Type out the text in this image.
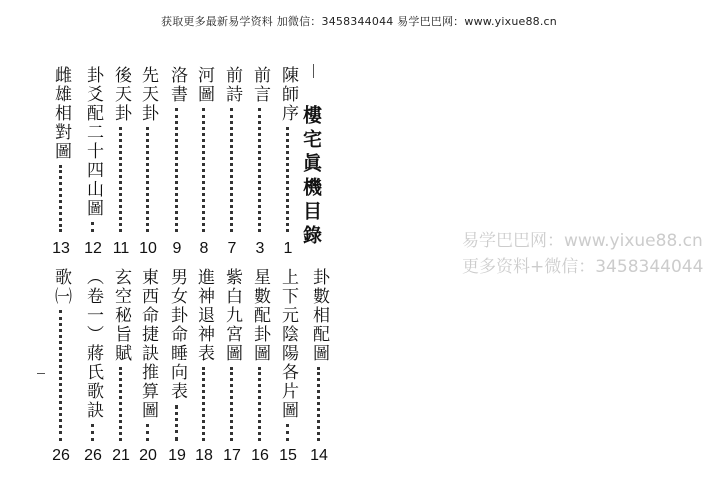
获取更多最新易学资料 加微信：3458344044 易学巴巴网：www.yixue88.cn
陳師序
1
前言
3
前詩
7
河圖
8
洛書
9
先天卦
10
後天卦
11
卦爻配二十四山圖
12
雌雄相對圖
13
卦數相配圖
14
上下元陰陽各片圖
15
星數配卦圖
16
紫白九宮圖
17
進神退神表
18
男女卦命睡向表
19
東西命捷訣推算圖
20
玄空秘旨賦
21
（卷一）蔣氏歌訣
26
歌㈠
26
樓宅眞機目錄	易学巴巴网：www.yixue88.cn
更多资料+微信：3458344044
